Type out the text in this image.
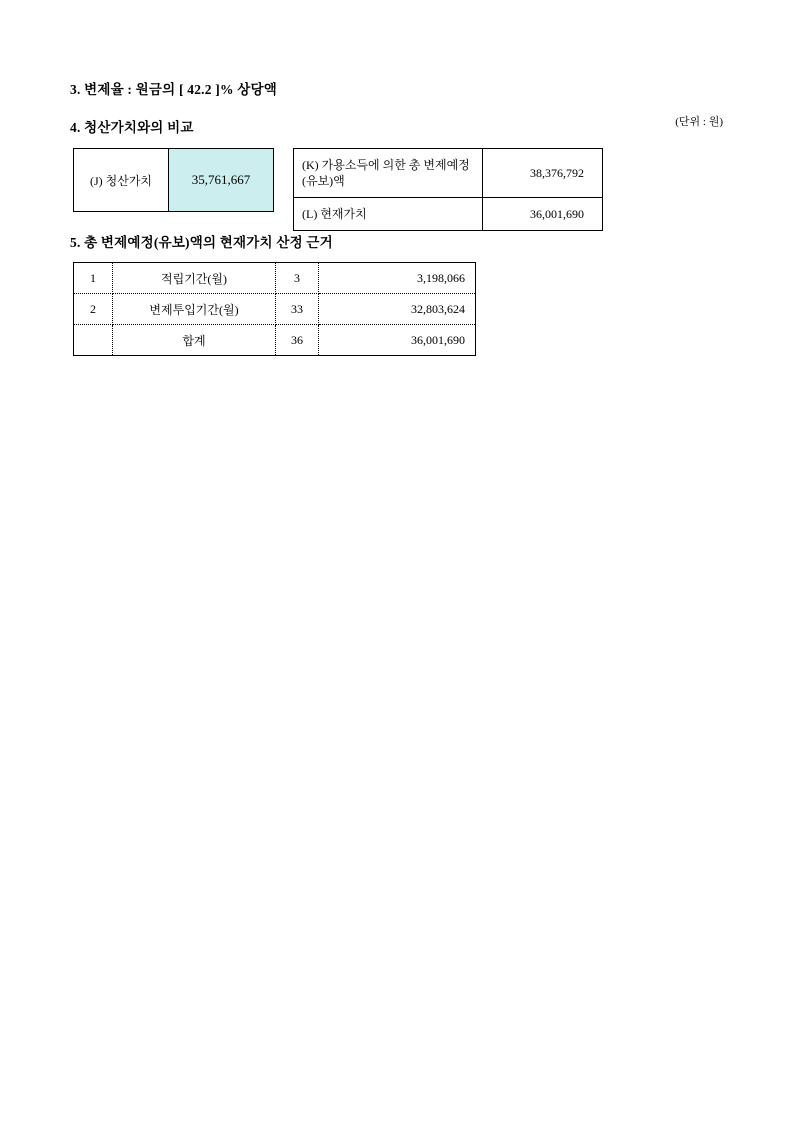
3. 변제율 : 원금의 [ 42.2 ]% 상당액
4. 청산가치와의 비교	(단위 : 원)
(J) 청산가치	35,761,667
(K) 가용소득에 의한 총 변제예정(유보)액	38,376,792
(L) 현재가치	36,001,690
5. 총 변제예정(유보)액의 현재가치 산정 근거
1	적립기간(월)	3	3,198,066
2	변제투입기간(월)	33	32,803,624
	합계	36	36,001,690
